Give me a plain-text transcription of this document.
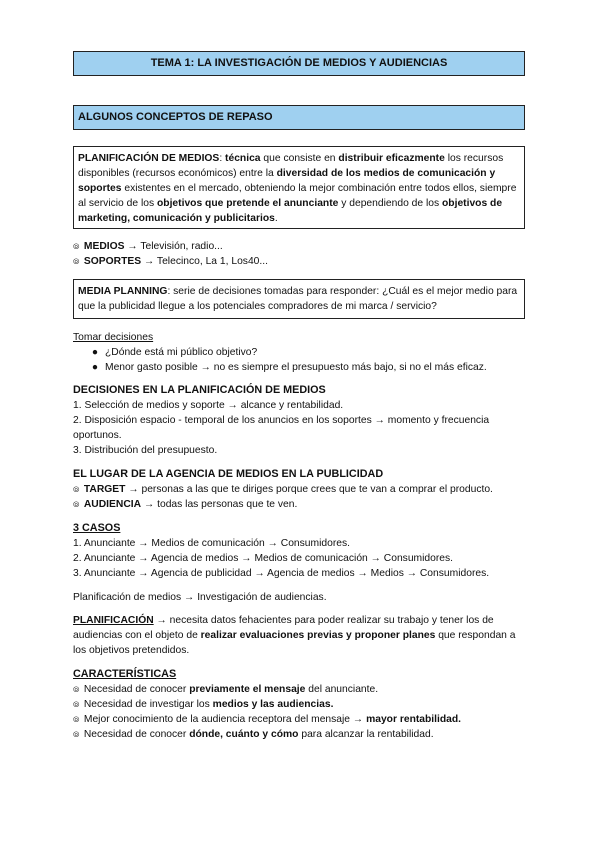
TEMA 1: LA INVESTIGACIÓN DE MEDIOS Y AUDIENCIAS
ALGUNOS CONCEPTOS DE REPASO
PLANIFICACIÓN DE MEDIOS: técnica que consiste en distribuir eficazmente los recursos disponibles (recursos económicos) entre la diversidad de los medios de comunicación y soportes existentes en el mercado, obteniendo la mejor combinación entre todos ellos, siempre al servicio de los objetivos que pretende el anunciante y dependiendo de los objetivos de marketing, comunicación y publicitarios.
⦾ MEDIOS → Televisión, radio...
⦾ SOPORTES → Telecinco, La 1, Los40...
MEDIA PLANNING: serie de decisiones tomadas para responder: ¿Cuál es el mejor medio para que la publicidad llegue a los potenciales compradores de mi marca / servicio?
Tomar decisiones
● ¿Dónde está mi público objetivo?
● Menor gasto posible → no es siempre el presupuesto más bajo, si no el más eficaz.
DECISIONES EN LA PLANIFICACIÓN DE MEDIOS
1. Selección de medios y soporte → alcance y rentabilidad.
2. Disposición espacio - temporal de los anuncios en los soportes → momento y frecuencia oportunos.
3. Distribución del presupuesto.
EL LUGAR DE LA AGENCIA DE MEDIOS EN LA PUBLICIDAD
⦾ TARGET → personas a las que te diriges porque crees que te van a comprar el producto.
⦾ AUDIENCIA → todas las personas que te ven.
3 CASOS
1. Anunciante → Medios de comunicación → Consumidores.
2. Anunciante → Agencia de medios → Medios de comunicación → Consumidores.
3. Anunciante → Agencia de publicidad → Agencia de medios → Medios → Consumidores.
Planificación de medios → Investigación de audiencias.
PLANIFICACIÓN → necesita datos fehacientes para poder realizar su trabajo y tener los de audiencias con el objeto de realizar evaluaciones previas y proponer planes que respondan a los objetivos pretendidos.
CARACTERÍSTICAS
⦾ Necesidad de conocer previamente el mensaje del anunciante.
⦾ Necesidad de investigar los medios y las audiencias.
⦾ Mejor conocimiento de la audiencia receptora del mensaje → mayor rentabilidad.
⦾ Necesidad de conocer dónde, cuánto y cómo para alcanzar la rentabilidad.
